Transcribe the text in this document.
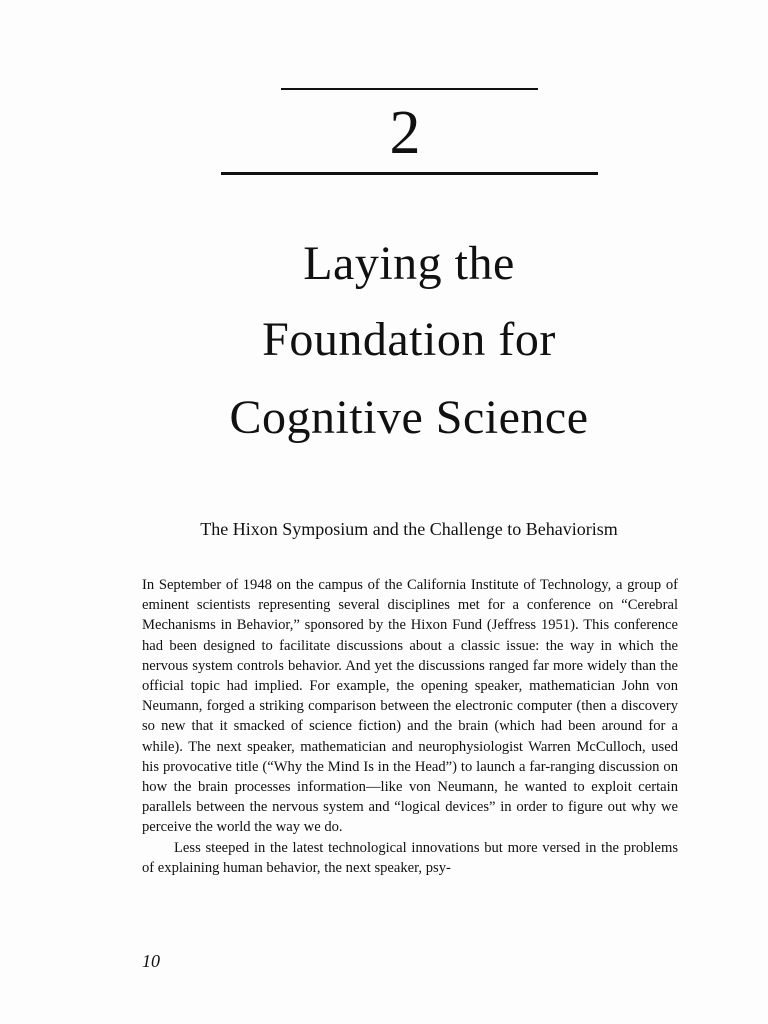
2
Laying the
Foundation for
Cognitive Science
The Hixon Symposium and the Challenge to Behaviorism

In September of 1948 on the campus of the California Institute of Technology, a group of eminent scientists representing several disciplines met for a conference on “Cerebral Mechanisms in Behavior,” sponsored by the Hixon Fund (Jeffress 1951). This conference had been designed to facilitate discussions about a classic issue: the way in which the nervous system controls behavior. And yet the discussions ranged far more widely than the official topic had implied. For example, the opening speaker, mathematician John von Neumann, forged a striking comparison between the electronic computer (then a discovery so new that it smacked of science fiction) and the brain (which had been around for a while). The next speaker, mathematician and neurophysiologist Warren McCulloch, used his provocative title (“Why the Mind Is in the Head”) to launch a far-ranging discussion on how the brain processes information—like von Neumann, he wanted to exploit certain parallels between the nervous system and “logical devices” in order to figure out why we perceive the world the way we do.

Less steeped in the latest technological innovations but more versed in the problems of explaining human behavior, the next speaker, psy-

10
